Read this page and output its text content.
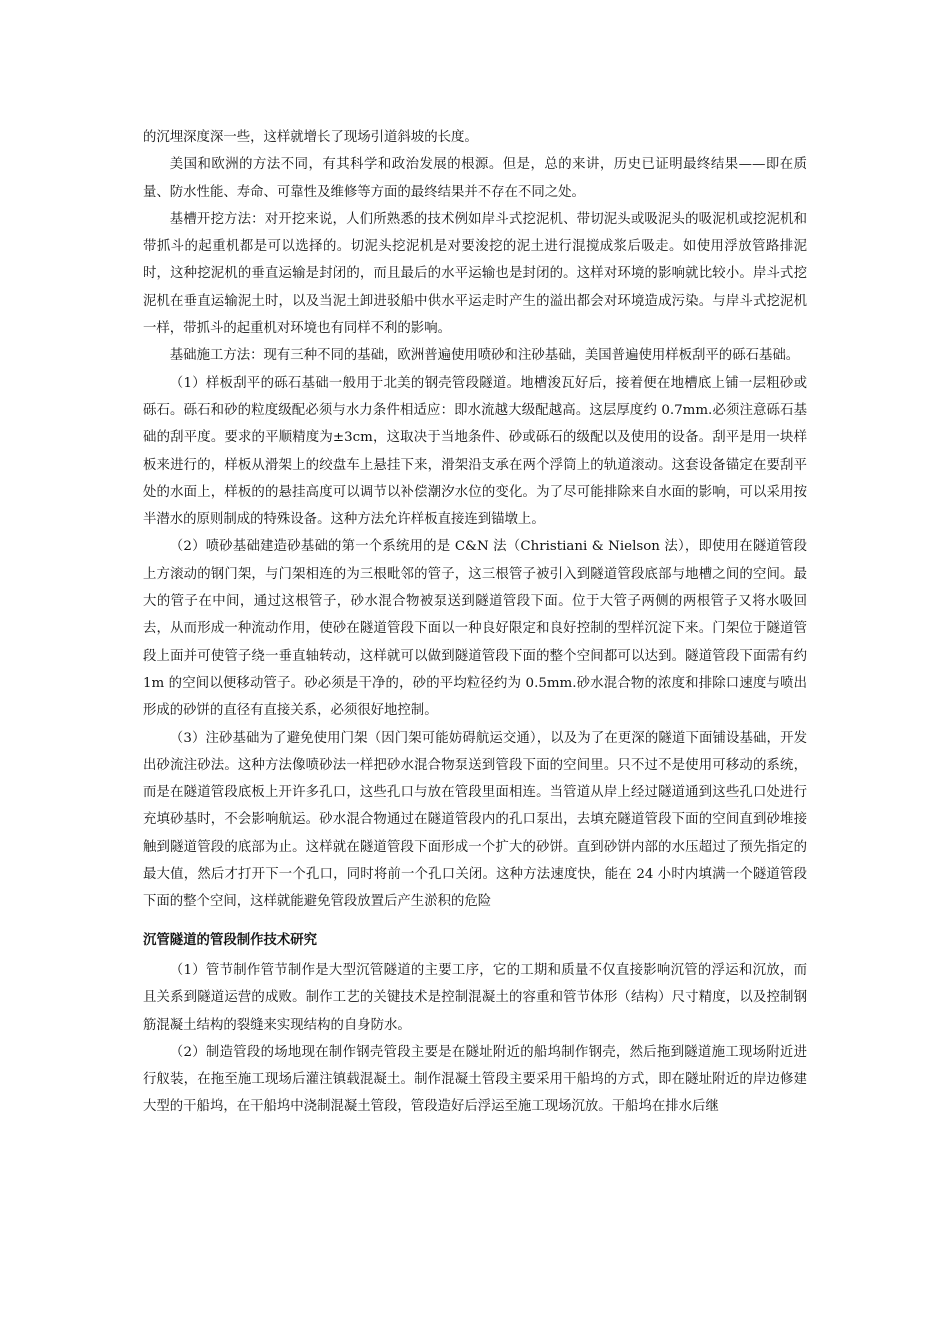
的沉埋深度深一些，这样就增长了现场引道斜坡的长度。

美国和欧洲的方法不同，有其科学和政治发展的根源。但是，总的来讲，历史已证明最终结果——即在质量、防水性能、寿命、可靠性及维修等方面的最终结果并不存在不同之处。

基槽开挖方法：对开挖来说，人们所熟悉的技术例如岸斗式挖泥机、带切泥头或吸泥头的吸泥机或挖泥机和带抓斗的起重机都是可以选择的。切泥头挖泥机是对要浚挖的泥土进行混搅成浆后吸走。如使用浮放管路排泥时，这种挖泥机的垂直运输是封闭的，而且最后的水平运输也是封闭的。这样对环境的影响就比较小。岸斗式挖泥机在垂直运输泥土时，以及当泥土卸进驳船中供水平运走时产生的溢出都会对环境造成污染。与岸斗式挖泥机一样，带抓斗的起重机对环境也有同样不利的影响。

基础施工方法：现有三种不同的基础，欧洲普遍使用喷砂和注砂基础，美国普遍使用样板刮平的砾石基础。

（1）样板刮平的砾石基础一般用于北美的钢壳管段隧道。地槽浚瓦好后，接着便在地槽底上铺一层粗砂或砾石。砾石和砂的粒度级配必须与水力条件相适应：即水流越大级配越高。这层厚度约 0.7mm.必须注意砾石基础的刮平度。要求的平顺精度为±3cm，这取决于当地条件、砂或砾石的级配以及使用的设备。刮平是用一块样板来进行的，样板从滑架上的绞盘车上悬挂下来，滑架沿支承在两个浮筒上的轨道滚动。这套设备锚定在要刮平处的水面上，样板的的悬挂高度可以调节以补偿潮汐水位的变化。为了尽可能排除来自水面的影响，可以采用按半潜水的原则制成的特殊设备。这种方法允许样板直接连到锚墩上。

（2）喷砂基础建造砂基础的第一个系统用的是 C&N 法（Christiani & Nielson 法），即使用在隧道管段上方滚动的钢门架，与门架相连的为三根毗邻的管子，这三根管子被引入到隧道管段底部与地槽之间的空间。最大的管子在中间，通过这根管子，砂水混合物被泵送到隧道管段下面。位于大管子两侧的两根管子又将水吸回去，从而形成一种流动作用，使砂在隧道管段下面以一种良好限定和良好控制的型样沉淀下来。门架位于隧道管段上面并可使管子绕一垂直轴转动，这样就可以做到隧道管段下面的整个空间都可以达到。隧道管段下面需有约 1m 的空间以便移动管子。砂必须是干净的，砂的平均粒径约为 0.5mm.砂水混合物的浓度和排除口速度与喷出形成的砂饼的直径有直接关系，必须很好地控制。

（3）注砂基础为了避免使用门架（因门架可能妨碍航运交通），以及为了在更深的隧道下面铺设基础，开发出砂流注砂法。这种方法像喷砂法一样把砂水混合物泵送到管段下面的空间里。只不过不是使用可移动的系统，而是在隧道管段底板上开许多孔口，这些孔口与放在管段里面相连。当管道从岸上经过隧道通到这些孔口处进行充填砂基时，不会影响航运。砂水混合物通过在隧道管段内的孔口泵出，去填充隧道管段下面的空间直到砂堆接触到隧道管段的底部为止。这样就在隧道管段下面形成一个扩大的砂饼。直到砂饼内部的水压超过了预先指定的最大值，然后才打开下一个孔口，同时将前一个孔口关闭。这种方法速度快，能在 24 小时内填满一个隧道管段下面的整个空间，这样就能避免管段放置后产生淤积的危险

沉管隧道的管段制作技术研究

（1）管节制作管节制作是大型沉管隧道的主要工序，它的工期和质量不仅直接影响沉管的浮运和沉放，而且关系到隧道运营的成败。制作工艺的关键技术是控制混凝土的容重和管节体形（结构）尺寸精度，以及控制钢筋混凝土结构的裂缝来实现结构的自身防水。

（2）制造管段的场地现在制作钢壳管段主要是在隧址附近的船坞制作钢壳，然后拖到隧道施工现场附近进行舣装，在拖至施工现场后灌注镇载混凝土。制作混凝土管段主要采用干船坞的方式，即在隧址附近的岸边修建大型的干船坞，在干船坞中浇制混凝土管段，管段造好后浮运至施工现场沉放。干船坞在排水后继
